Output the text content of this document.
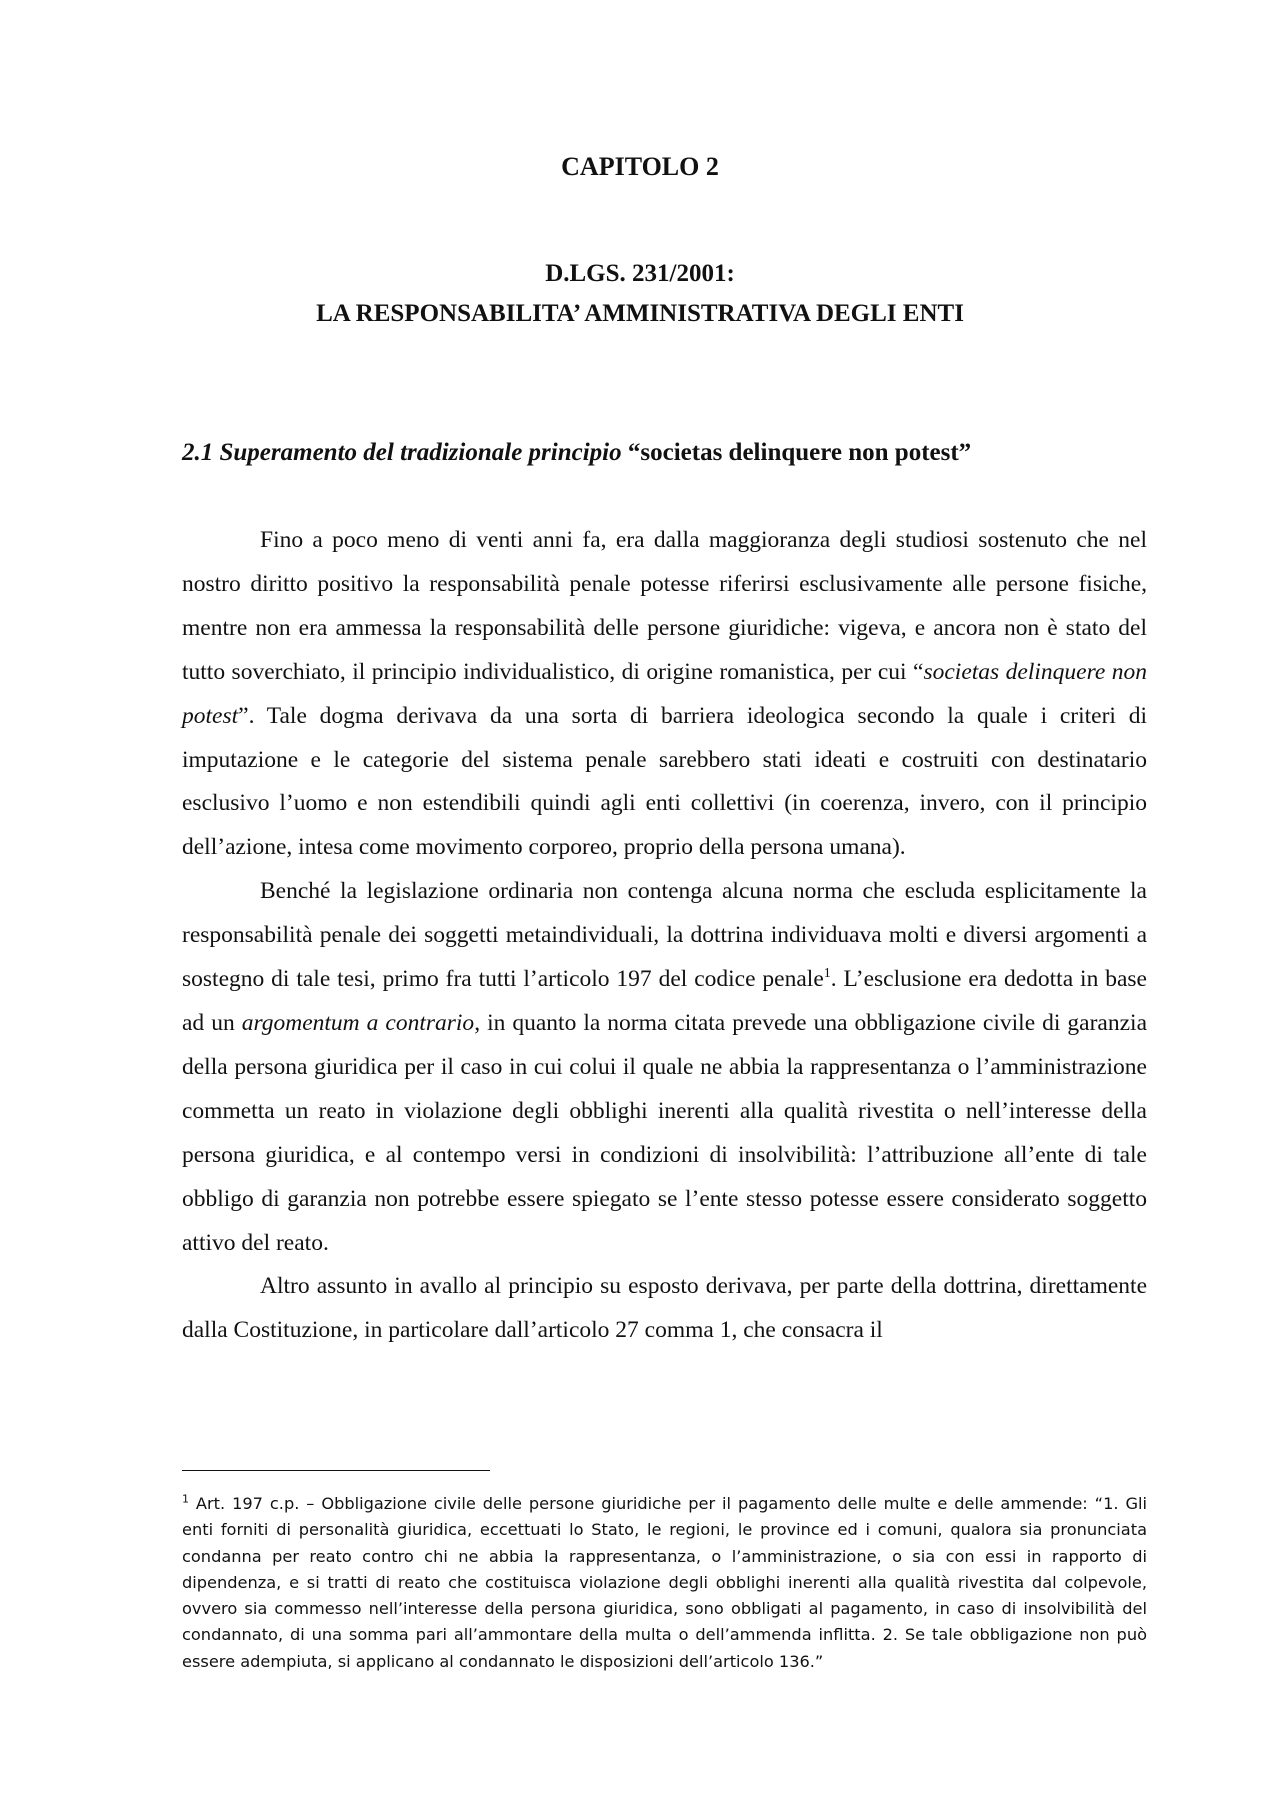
CAPITOLO 2
D.LGS. 231/2001:
LA RESPONSABILITA’ AMMINISTRATIVA DEGLI ENTI
2.1 Superamento del tradizionale principio “societas delinquere non potest”

Fino a poco meno di venti anni fa, era dalla maggioranza degli studiosi sostenuto che nel nostro diritto positivo la responsabilità penale potesse riferirsi esclusivamente alle persone fisiche, mentre non era ammessa la responsabilità delle persone giuridiche: vigeva, e ancora non è stato del tutto soverchiato, il principio individualistico, di origine romanistica, per cui “societas delinquere non potest”. Tale dogma derivava da una sorta di barriera ideologica secondo la quale i criteri di imputazione e le categorie del sistema penale sarebbero stati ideati e costruiti con destinatario esclusivo l’uomo e non estendibili quindi agli enti collettivi (in coerenza, invero, con il principio dell’azione, intesa come movimento corporeo, proprio della persona umana).

Benché la legislazione ordinaria non contenga alcuna norma che escluda esplicitamente la responsabilità penale dei soggetti metaindividuali, la dottrina individuava molti e diversi argomenti a sostegno di tale tesi, primo fra tutti l’articolo 197 del codice penale$^1$. L’esclusione era dedotta in base ad un argomentum a contrario, in quanto la norma citata prevede una obbligazione civile di garanzia della persona giuridica per il caso in cui colui il quale ne abbia la rappresentanza o l’amministrazione commetta un reato in violazione degli obblighi inerenti alla qualità rivestita o nell’interesse della persona giuridica, e al contempo versi in condizioni di insolvibilità: l’attribuzione all’ente di tale obbligo di garanzia non potrebbe essere spiegato se l’ente stesso potesse essere considerato soggetto attivo del reato.

Altro assunto in avallo al principio su esposto derivava, per parte della dottrina, direttamente dalla Costituzione, in particolare dall’articolo 27 comma 1, che consacra il

$^1$ Art. 197 c.p. – Obbligazione civile delle persone giuridiche per il pagamento delle multe e delle ammende: “1. Gli enti forniti di personalità giuridica, eccettuati lo Stato, le regioni, le province ed i comuni, qualora sia pronunciata condanna per reato contro chi ne abbia la rappresentanza, o l’amministrazione, o sia con essi in rapporto di dipendenza, e si tratti di reato che costituisca violazione degli obblighi inerenti alla qualità rivestita dal colpevole, ovvero sia commesso nell’interesse della persona giuridica, sono obbligati al pagamento, in caso di insolvibilità del condannato, di una somma pari all’ammontare della multa o dell’ammenda inflitta. 2. Se tale obbligazione non può essere adempiuta, si applicano al condannato le disposizioni dell’articolo 136.”
